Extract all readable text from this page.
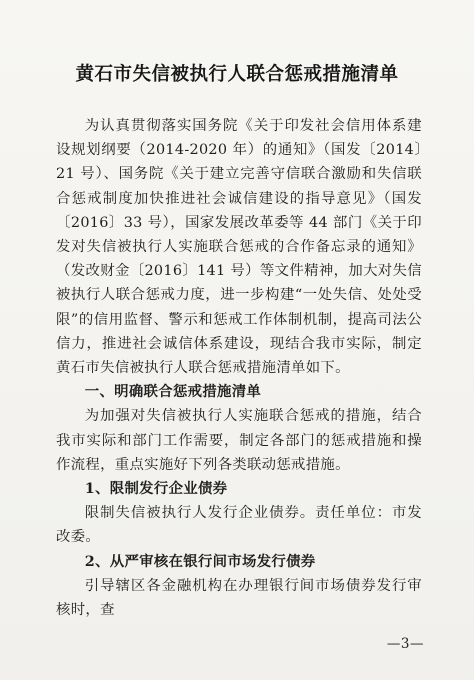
黄石市失信被执行人联合惩戒措施清单

为认真贯彻落实国务院《关于印发社会信用体系建设规划纲要（2014-2020 年）的通知》（国发〔2014〕21 号）、国务院《关于建立完善守信联合激励和失信联合惩戒制度加快推进社会诚信建设的指导意见》（国发〔2016〕33 号），国家发展改革委等 44 部门《关于印发对失信被执行人实施联合惩戒的合作备忘录的通知》（发改财金〔2016〕141 号）等文件精神，加大对失信被执行人联合惩戒力度，进一步构建“一处失信、处处受限”的信用监督、警示和惩戒工作体制机制，提高司法公信力，推进社会诚信体系建设，现结合我市实际，制定黄石市失信被执行人联合惩戒措施清单如下。

一、明确联合惩戒措施清单

为加强对失信被执行人实施联合惩戒的措施，结合我市实际和部门工作需要，制定各部门的惩戒措施和操作流程，重点实施好下列各类联动惩戒措施。

1、限制发行企业债券

限制失信被执行人发行企业债券。责任单位：市发改委。

2、从严审核在银行间市场发行债券

引导辖区各金融机构在办理银行间市场债券发行审核时，查

—3—
